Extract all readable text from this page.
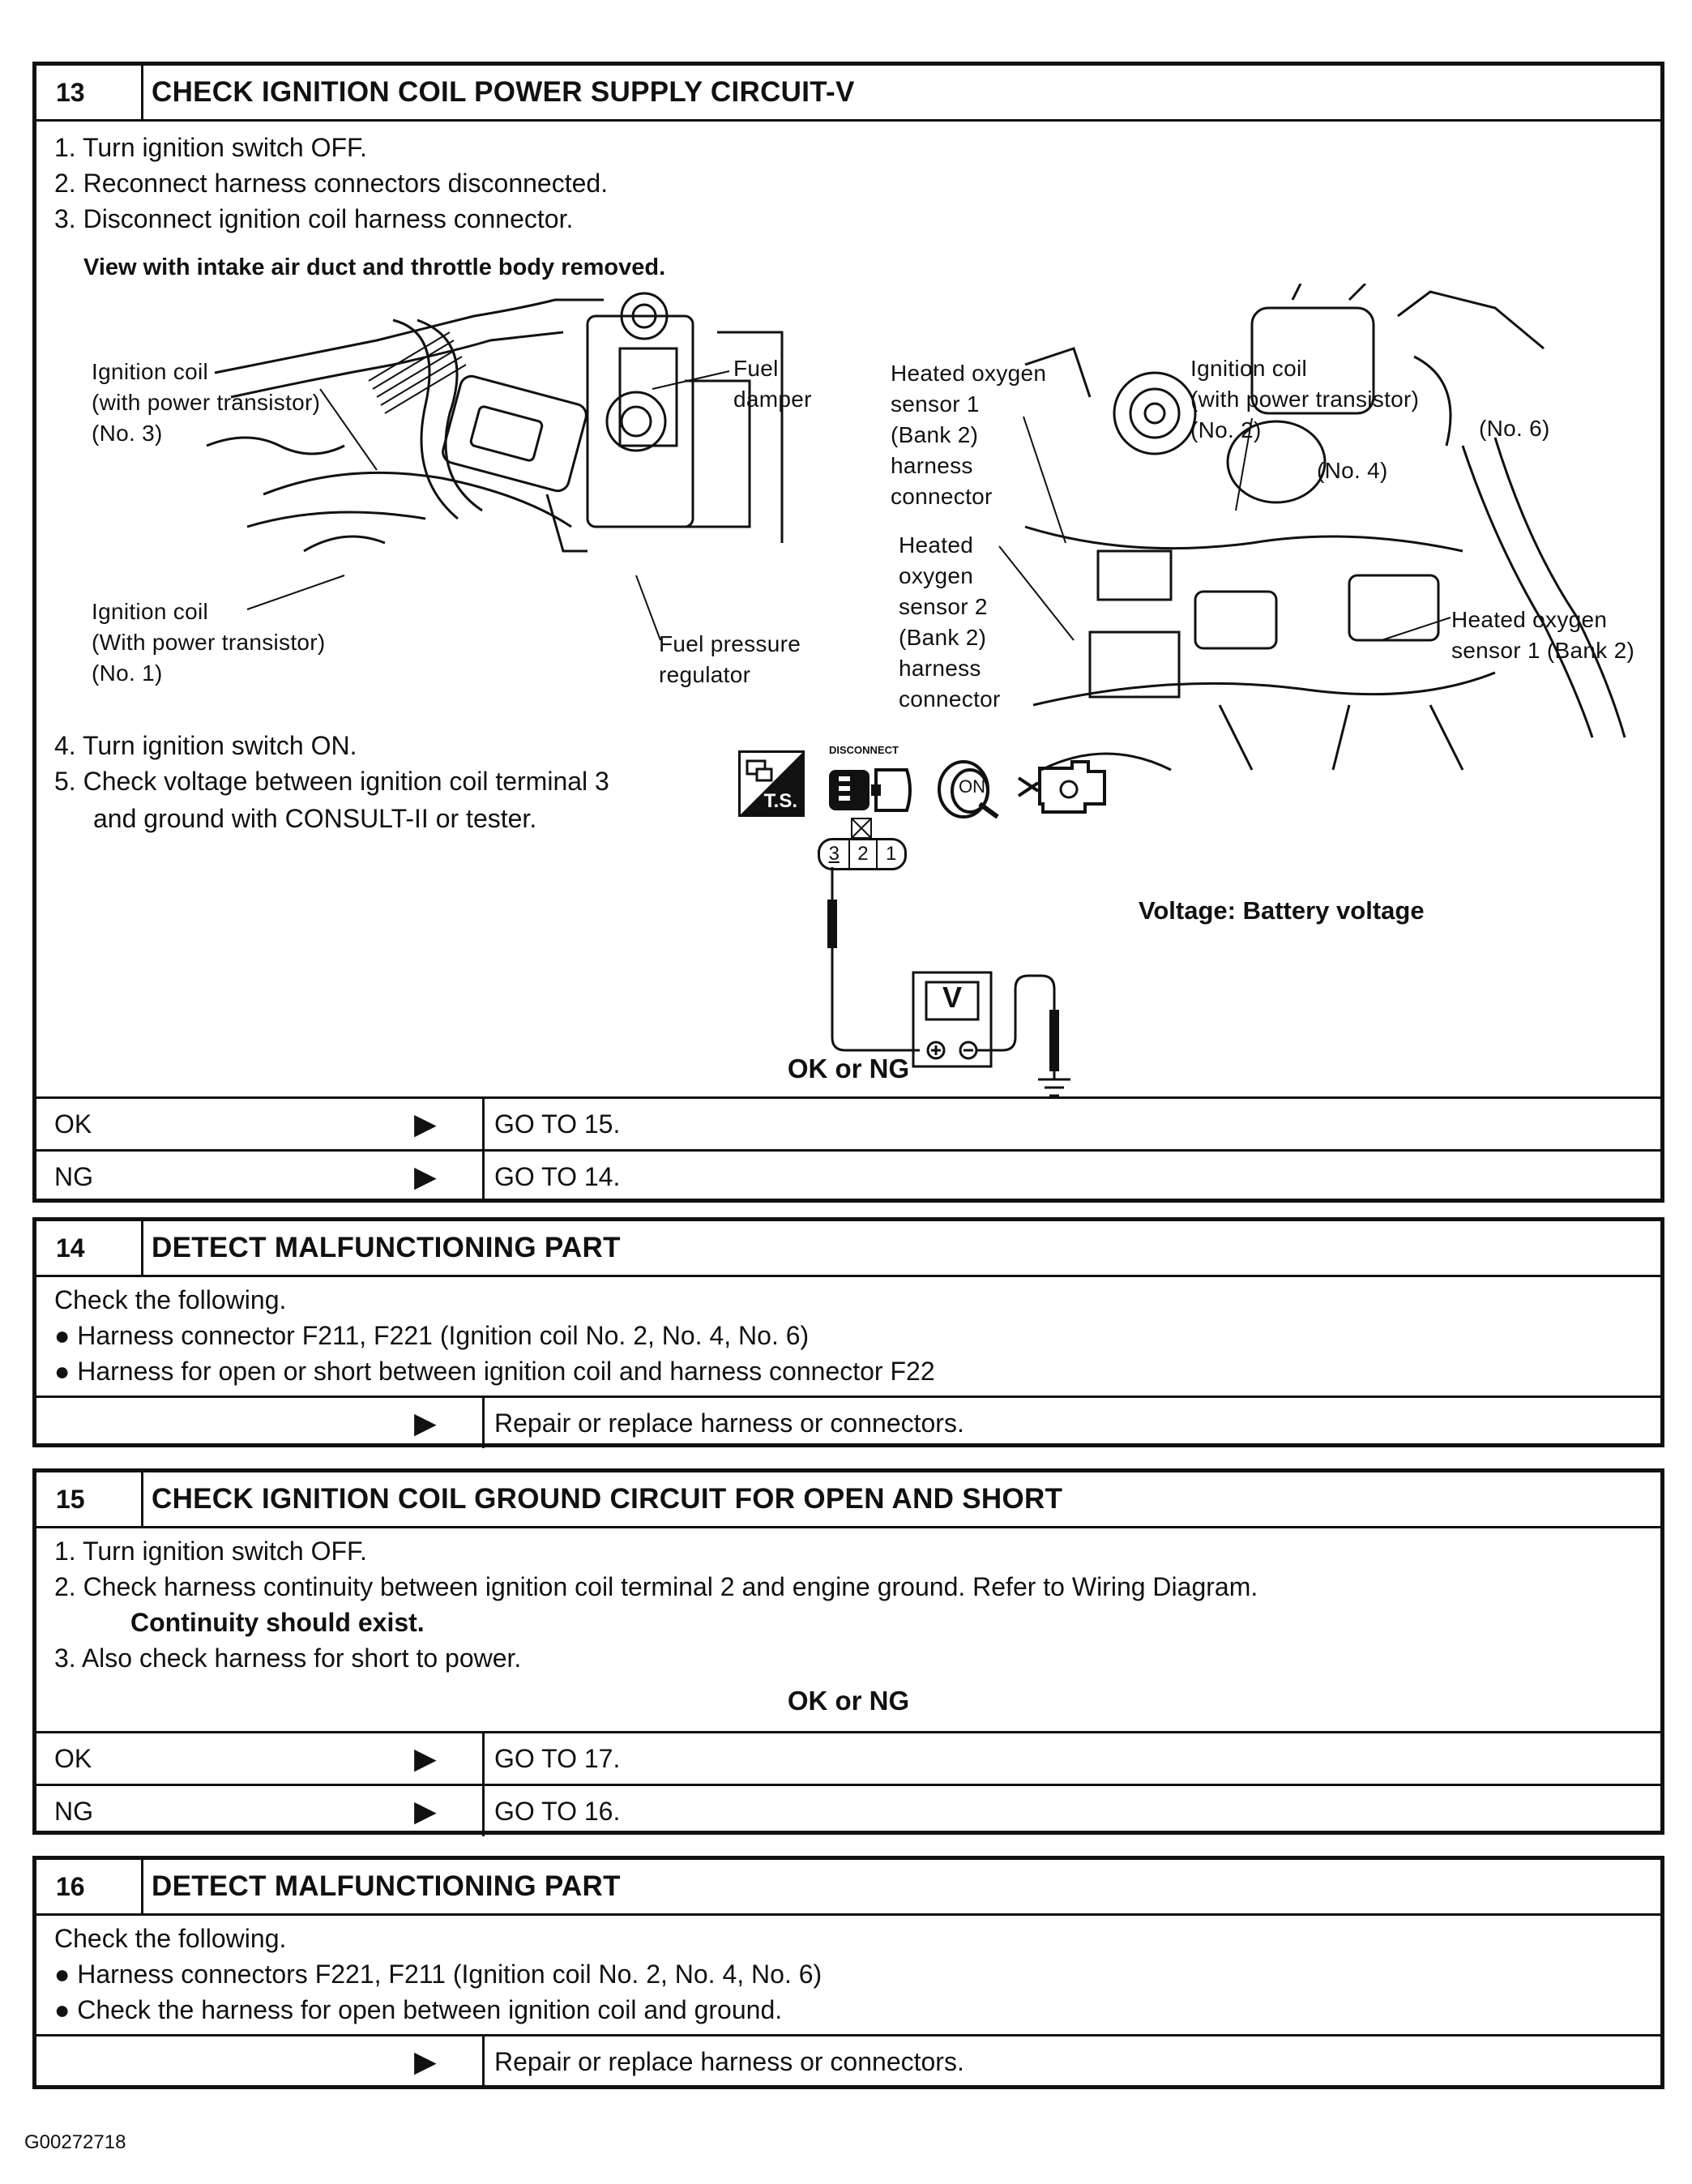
13	CHECK IGNITION COIL POWER SUPPLY CIRCUIT-V
1. Turn ignition switch OFF.
2. Reconnect harness connectors disconnected.
3. Disconnect ignition coil harness connector.
View with intake air duct and throttle body removed.
Ignition coil
(with power transistor)
(No. 3)
Fuel
damper
Ignition coil
(With power transistor)
(No. 1)
Fuel pressure
regulator
Heated oxygen
sensor 1
(Bank 2)
harness
connector
Ignition coil
(with power transistor)
(No. 2)	(No. 6)
(No. 4)
Heated
oxygen
sensor 2
(Bank 2)
harness
connector
Heated oxygen
sensor 1 (Bank 2)
4. Turn ignition switch ON.
5. Check voltage between ignition coil terminal 3
and ground with CONSULT-II or tester.
T.S.
DISCONNECT
ON
3 2 1
V
Voltage: Battery voltage
OK or NG
OK	▶	GO TO 15.
NG	▶	GO TO 14.
14	DETECT MALFUNCTIONING PART
Check the following.
● Harness connector F211, F221 (Ignition coil No. 2, No. 4, No. 6)
● Harness for open or short between ignition coil and harness connector F22
▶	Repair or replace harness or connectors.
15	CHECK IGNITION COIL GROUND CIRCUIT FOR OPEN AND SHORT
1. Turn ignition switch OFF.
2. Check harness continuity between ignition coil terminal 2 and engine ground. Refer to Wiring Diagram.
Continuity should exist.
3. Also check harness for short to power.
OK or NG
OK	▶	GO TO 17.
NG	▶	GO TO 16.
16	DETECT MALFUNCTIONING PART
Check the following.
● Harness connectors F221, F211 (Ignition coil No. 2, No. 4, No. 6)
● Check the harness for open between ignition coil and ground.
▶	Repair or replace harness or connectors.
G00272718
